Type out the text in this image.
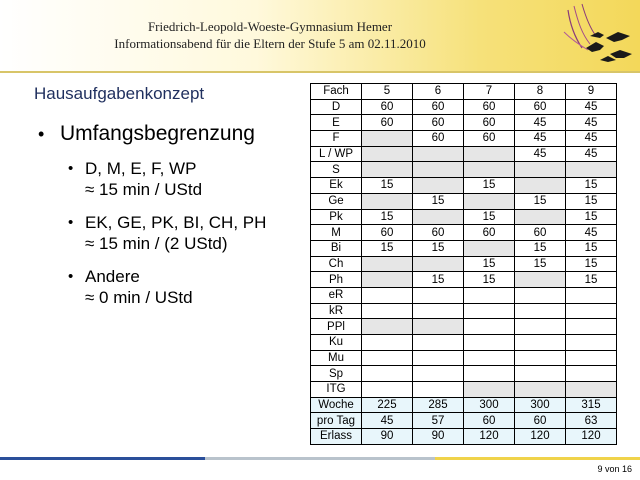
Friedrich-Leopold-Woeste-Gymnasium Hemer
Informationsabend für die Eltern der Stufe 5 am 02.11.2010
Hausaufgabenkonzept
• Umfangsbegrenzung
• D, M, E, F, WP
≈ 15 min / UStd
• EK, GE, PK, BI, CH, PH
≈ 15 min / (2 UStd)
• Andere
≈ 0 min / UStd
Fach	5	6	7	8	9
D	60	60	60	60	45
E	60	60	60	45	45
F		60	60	45	45
L / WP				45	45
S					
Ek	15		15		15
Ge		15		15	15
Pk	15		15		15
M	60	60	60	60	45
Bi	15	15		15	15
Ch			15	15	15
Ph		15	15		15
eR					
kR					
PPl					
Ku					
Mu					
Sp					
ITG					
Woche	225	285	300	300	315
pro Tag	45	57	60	60	63
Erlass	90	90	120	120	120
9 von 16
